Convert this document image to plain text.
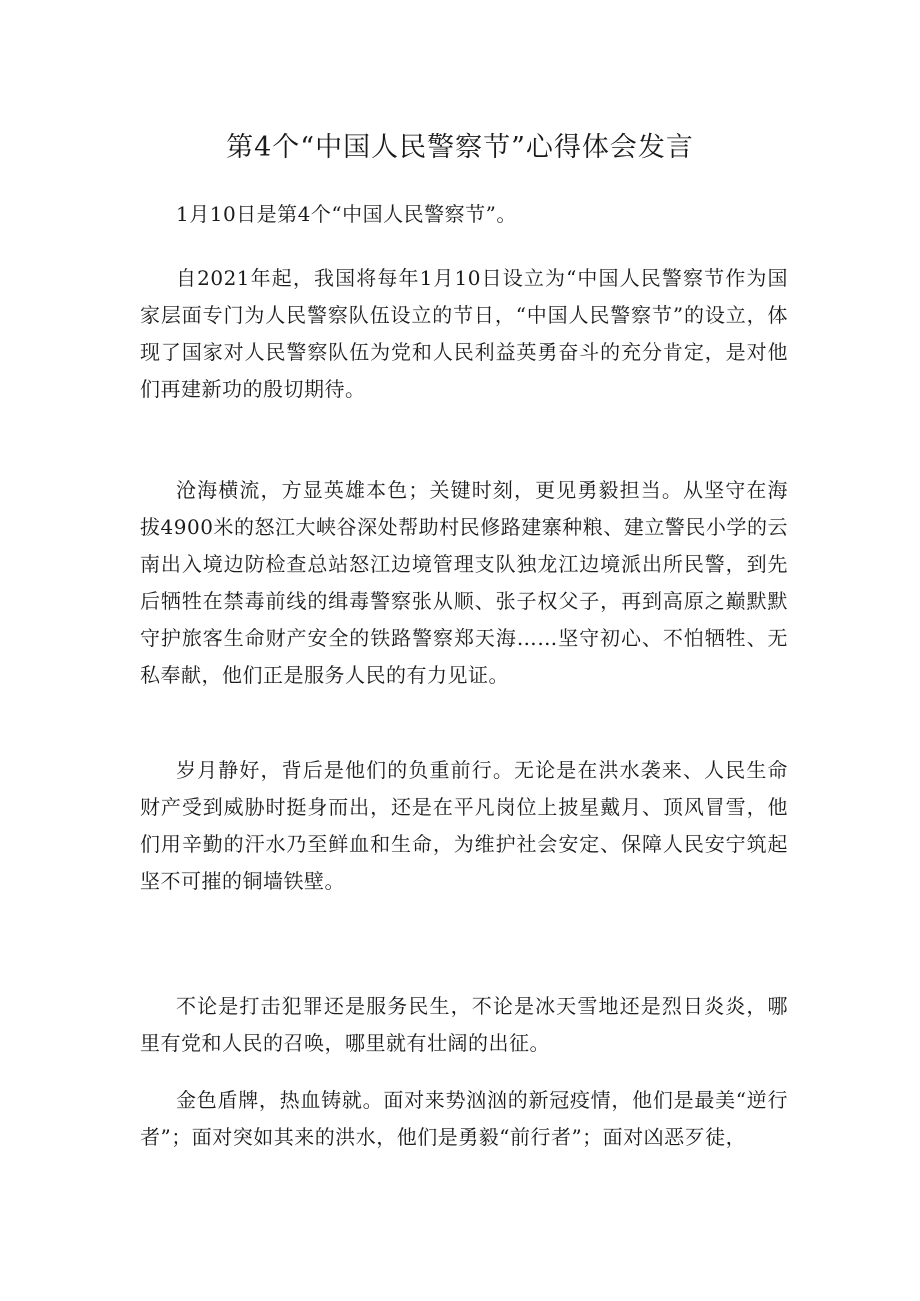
第4个“中国人民警察节”心得体会发言

1月10日是第4个“中国人民警察节”。

自2021年起，我国将每年1月10日设立为“中国人民警察节作为国家层面专门为人民警察队伍设立的节日，“中国人民警察节”的设立，体现了国家对人民警察队伍为党和人民利益英勇奋斗的充分肯定，是对他们再建新功的殷切期待。

沧海横流，方显英雄本色；关键时刻，更见勇毅担当。从坚守在海拔4900米的怒江大峡谷深处帮助村民修路建寨种粮、建立警民小学的云南出入境边防检查总站怒江边境管理支队独龙江边境派出所民警，到先后牺牲在禁毒前线的缉毒警察张从顺、张子权父子，再到高原之巅默默守护旅客生命财产安全的铁路警察郑天海……坚守初心、不怕牺牲、无私奉献，他们正是服务人民的有力见证。

岁月静好，背后是他们的负重前行。无论是在洪水袭来、人民生命财产受到威胁时挺身而出，还是在平凡岗位上披星戴月、顶风冒雪，他们用辛勤的汗水乃至鲜血和生命，为维护社会安定、保障人民安宁筑起坚不可摧的铜墙铁壁。

不论是打击犯罪还是服务民生，不论是冰天雪地还是烈日炎炎，哪里有党和人民的召唤，哪里就有壮阔的出征。

金色盾牌，热血铸就。面对来势汹汹的新冠疫情，他们是最美“逆行者”；面对突如其来的洪水，他们是勇毅“前行者”；面对凶恶歹徒，
